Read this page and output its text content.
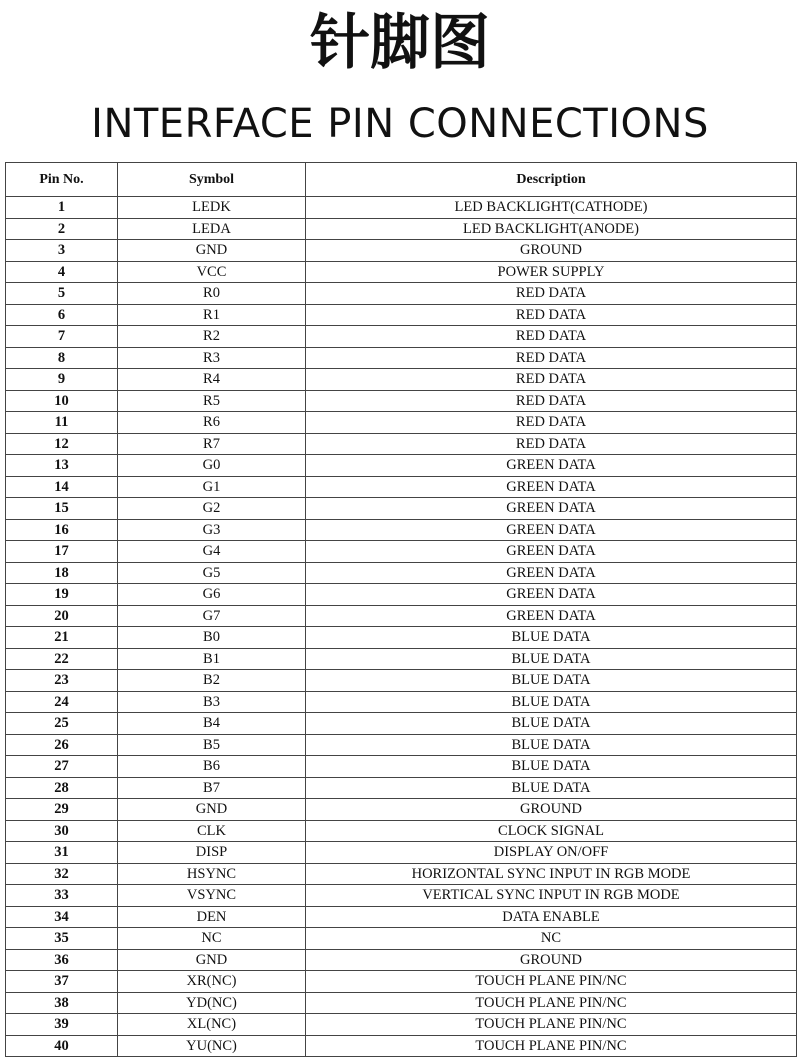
针脚图
INTERFACE PIN CONNECTIONS
Pin No.	Symbol	Description
1	LEDK	LED BACKLIGHT(CATHODE)
2	LEDA	LED BACKLIGHT(ANODE)
3	GND	GROUND
4	VCC	POWER SUPPLY
5	R0	RED DATA
6	R1	RED DATA
7	R2	RED DATA
8	R3	RED DATA
9	R4	RED DATA
10	R5	RED DATA
11	R6	RED DATA
12	R7	RED DATA
13	G0	GREEN DATA
14	G1	GREEN DATA
15	G2	GREEN DATA
16	G3	GREEN DATA
17	G4	GREEN DATA
18	G5	GREEN DATA
19	G6	GREEN DATA
20	G7	GREEN DATA
21	B0	BLUE DATA
22	B1	BLUE DATA
23	B2	BLUE DATA
24	B3	BLUE DATA
25	B4	BLUE DATA
26	B5	BLUE DATA
27	B6	BLUE DATA
28	B7	BLUE DATA
29	GND	GROUND
30	CLK	CLOCK SIGNAL
31	DISP	DISPLAY ON/OFF
32	HSYNC	HORIZONTAL SYNC INPUT IN RGB MODE
33	VSYNC	VERTICAL SYNC INPUT IN RGB MODE
34	DEN	DATA ENABLE
35	NC	NC
36	GND	GROUND
37	XR(NC)	TOUCH PLANE PIN/NC
38	YD(NC)	TOUCH PLANE PIN/NC
39	XL(NC)	TOUCH PLANE PIN/NC
40	YU(NC)	TOUCH PLANE PIN/NC
